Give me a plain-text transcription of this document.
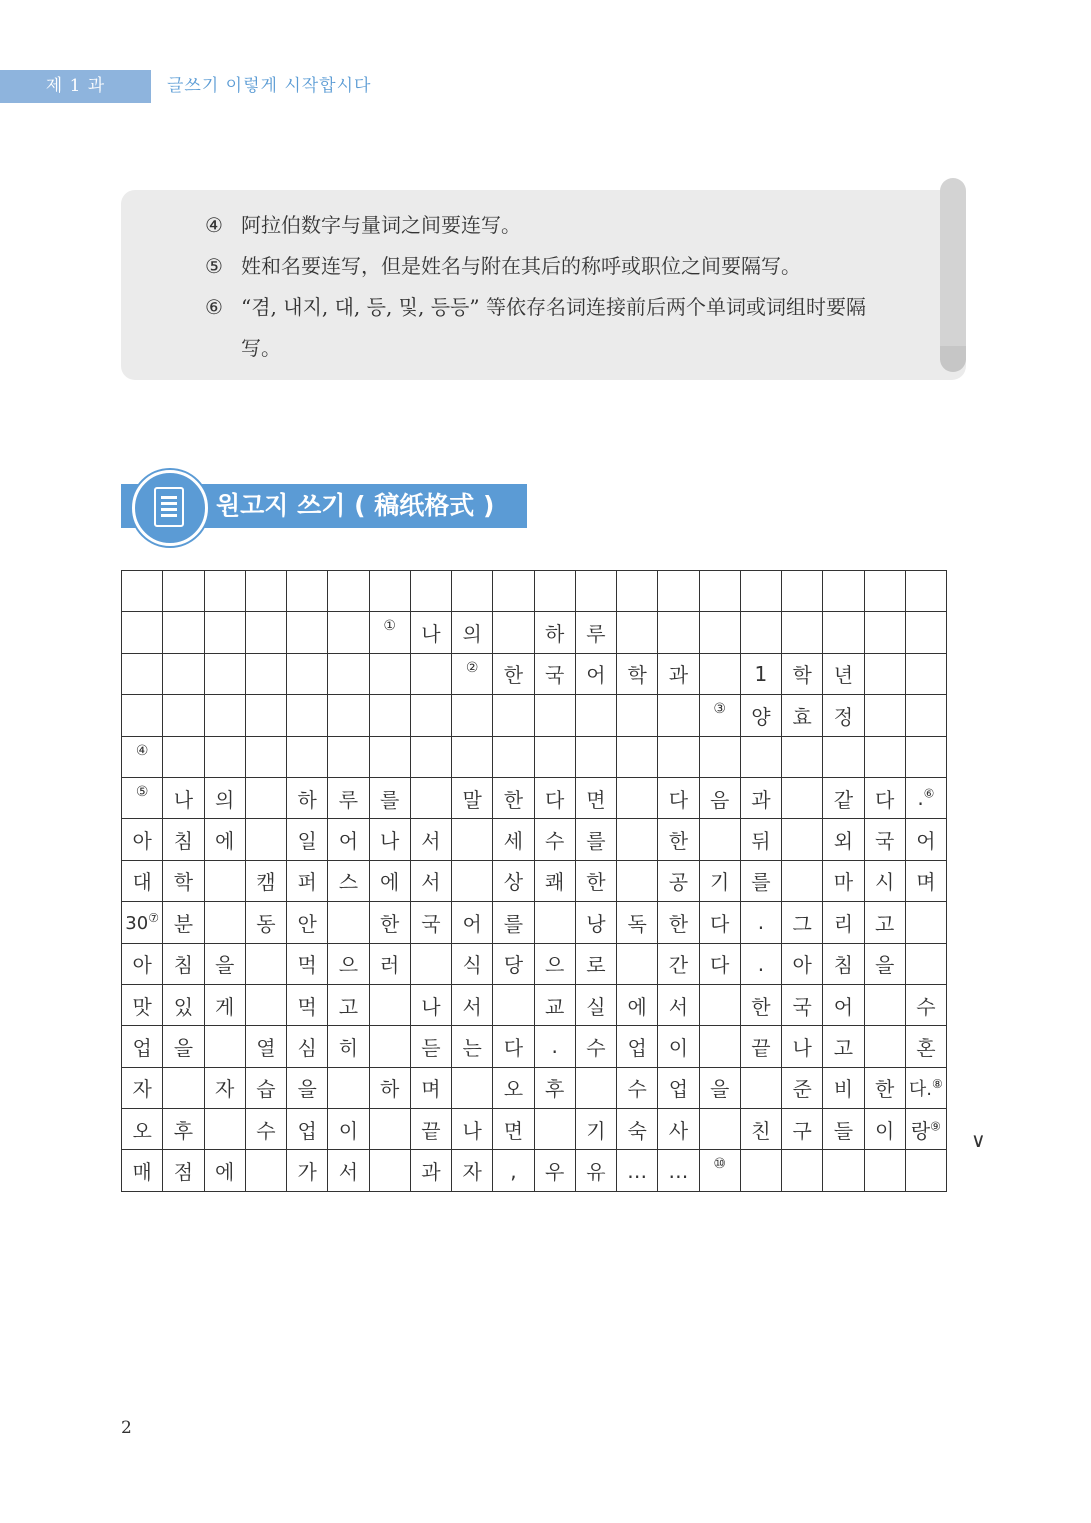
제 1 과	글쓰기 이렇게 시작합시다
④ 阿拉伯数字与量词之间要连写。
⑤ 姓和名要连写，但是姓名与附在其后的称呼或职位之间要隔写。
⑥ “겸, 내지, 대, 등, 및, 등등” 等依存名词连接前后两个单词或词组时要隔写。
원고지 쓰기 ( 稿纸格式 )

						①	나	의		하	루								
								②	한	국	어	학	과		1	학	년		
														③	양	효	정		
④																			
⑤	나	의		하	루	를		말	한	다	면		다	음	과		같	다	.⑥
아	침	에		일	어	나	서		세	수	를		한		뒤		외	국	어
대	학		캠	퍼	스	에	서		상	쾌	한		공	기	를		마	시	며
30⑦	분		동	안		한	국	어	를		낭	독	한	다	.	그	리	고	
아	침	을		먹	으	러		식	당	으	로		간	다	.	아	침	을	
맛	있	게		먹	고		나	서		교	실	에	서		한	국	어		수
업	을		열	심	히		듣	는	다	.	수	업	이		끝	나	고		혼
자		자	습	을		하	며		오	후		수	업	을		준	비	한	다.⑧
오	후		수	업	이		끝	나	면		기	숙	사		친	구	들	이	랑⑨
매	점	에		가	서		과	자	,	우	유	…	…	⑩					
∨
2
